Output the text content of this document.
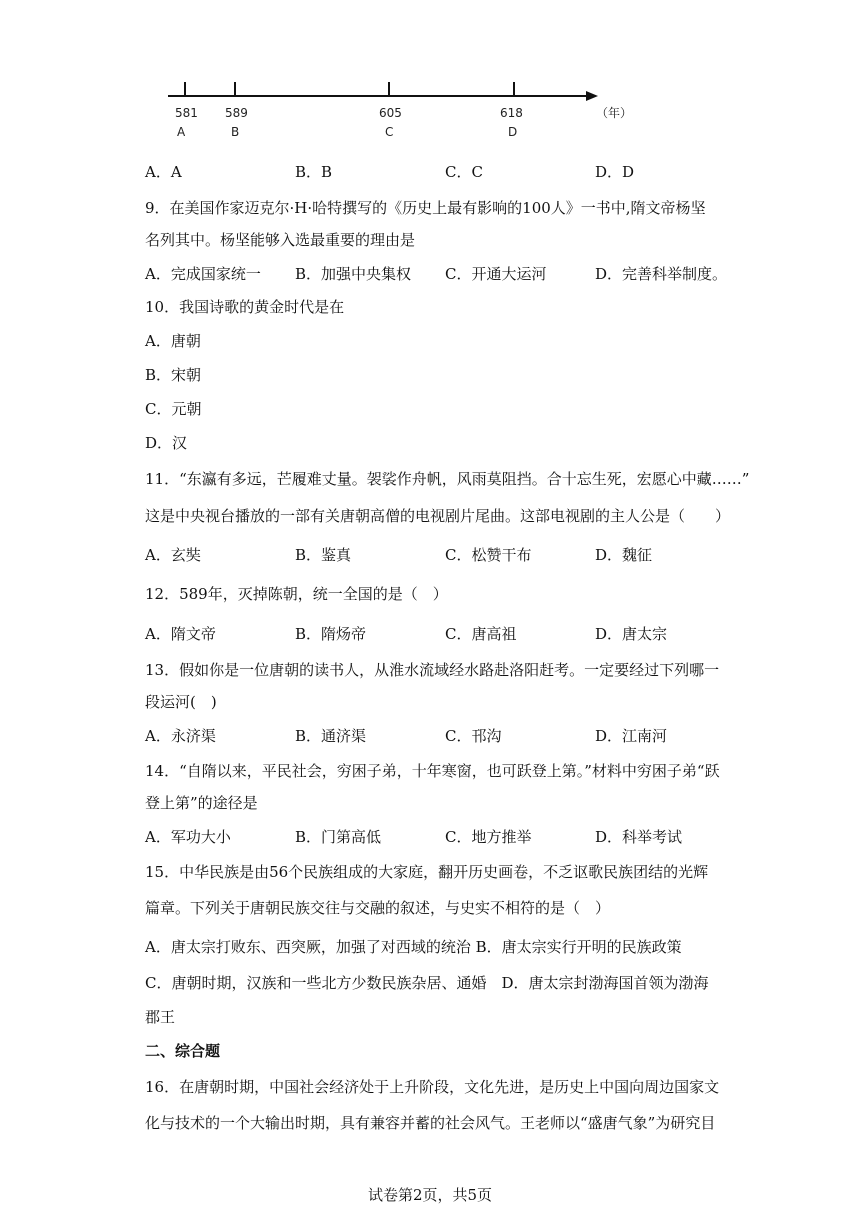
581 589	605	618
A	B	C	D
（年）
A．A	B．B	C．C	D．D
9．在美国作家迈克尔·H·哈特撰写的《历史上最有影响的100人》一书中,隋文帝杨坚
名列其中。杨坚能够入选最重要的理由是
A．完成国家统一 B．加强中央集权 C．开通大运河	D．完善科举制度。
10．我国诗歌的黄金时代是在
A．唐朝
B．宋朝
C．元朝
D．汉
11．“东瀛有多远，芒履难丈量。袈裟作舟帆，风雨莫阻挡。合十忘生死，宏愿心中藏……”
这是中央视台播放的一部有关唐朝高僧的电视剧片尾曲。这部电视剧的主人公是（　　）
A．玄奘	B．鉴真	C．松赞干布	D．魏征
12．589年，灭掉陈朝，统一全国的是（　）
A．隋文帝	B．隋炀帝	C．唐高祖	D．唐太宗
13．假如你是一位唐朝的读书人，从淮水流域经水路赴洛阳赶考。一定要经过下列哪一
段运河(　)
A．永济渠	B．通济渠	C．邗沟	D．江南河
14．“自隋以来，平民社会，穷困子弟，十年寒窗，也可跃登上第。”材料中穷困子弟“跃
登上第”的途径是
A．军功大小	B．门第高低	C．地方推举	D．科举考试
15．中华民族是由56个民族组成的大家庭，翻开历史画卷，不乏讴歌民族团结的光辉
篇章。下列关于唐朝民族交往与交融的叙述，与史实不相符的是（　）
A．唐太宗打败东、西突厥，加强了对西域的统治 B．唐太宗实行开明的民族政策
C．唐朝时期，汉族和一些北方少数民族杂居、通婚　D．唐太宗封渤海国首领为渤海
郡王
二、综合题
16．在唐朝时期，中国社会经济处于上升阶段，文化先进，是历史上中国向周边国家文
化与技术的一个大输出时期，具有兼容并蓄的社会风气。王老师以“盛唐气象”为研究目
试卷第2页，共5页
